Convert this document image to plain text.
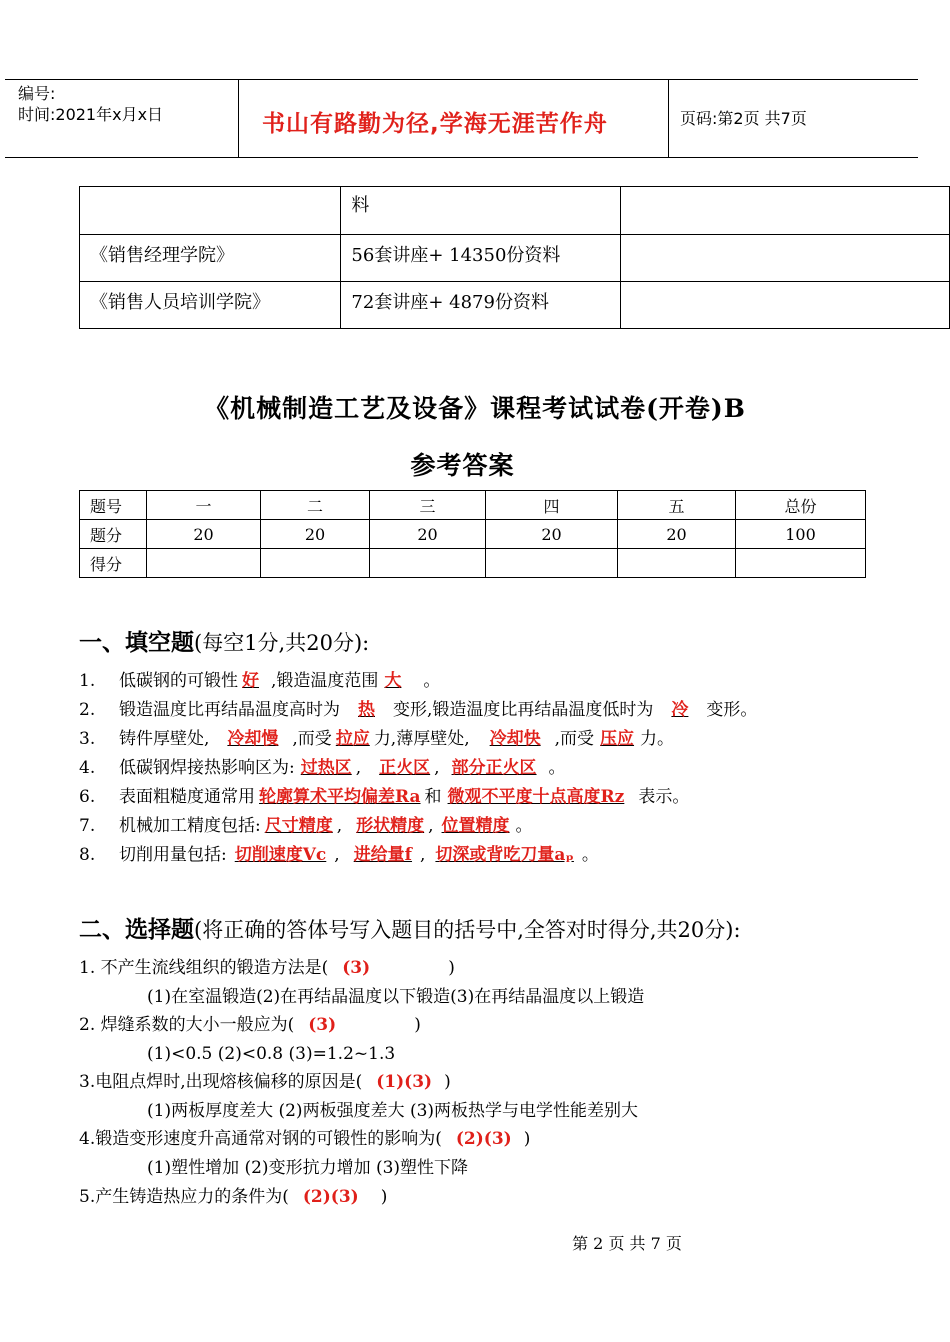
编号:
时间:2021年x月x日	书山有路勤为径,学海无涯苦作舟	页码:第2页 共7页

	料	

《销售经理学院》	56套讲座+ 14350份资料	

《销售人员培训学院》	72套讲座+ 4879份资料	

《机械制造工艺及设备》课程考试试卷(开卷)B
参考答案
题号	一	二	三	四	五	总份
题分	20	20	20	20	20	100
得分						
一、填空题(每空1分,共20分):
1. 低碳钢的可锻性 好 ,锻造温度范围 大 。
2. 锻造温度比再结晶温度高时为 热 变形,锻造温度比再结晶温度低时为 冷 变形。
3. 铸件厚壁处, 冷却慢 ,而受 拉应 力,薄厚壁处, 冷却快 ,而受 压应 力。
4. 低碳钢焊接热影响区为: 过热区 , 正火区 , 部分正火区 。
6. 表面粗糙度通常用 轮廓算术平均偏差Ra 和 微观不平度十点高度Rz 表示。
7. 机械加工精度包括: 尺寸精度 , 形状精度 , 位置精度 。
8. 切削用量包括: 切削速度Vc , 进给量f , 切深或背吃刀量aₚ 。
二、选择题(将正确的答体号写入题目的括号中,全答对时得分,共20分):
1. 不产生流线组织的锻造方法是( (3)	)
(1)在室温锻造(2)在再结晶温度以下锻造(3)在再结晶温度以上锻造
2. 焊缝系数的大小一般应为( (3)	)
(1)<0.5 (2)<0.8 (3)=1.2~1.3
3.电阻点焊时,出现熔核偏移的原因是( (1)(3) )
(1)两板厚度差大 (2)两板强度差大 (3)两板热学与电学性能差别大
4.锻造变形速度升高通常对钢的可锻性的影响为( (2)(3) )
(1)塑性增加 (2)变形抗力增加 (3)塑性下降
5.产生铸造热应力的条件为( (2)(3) )
第 2 页 共 7 页
